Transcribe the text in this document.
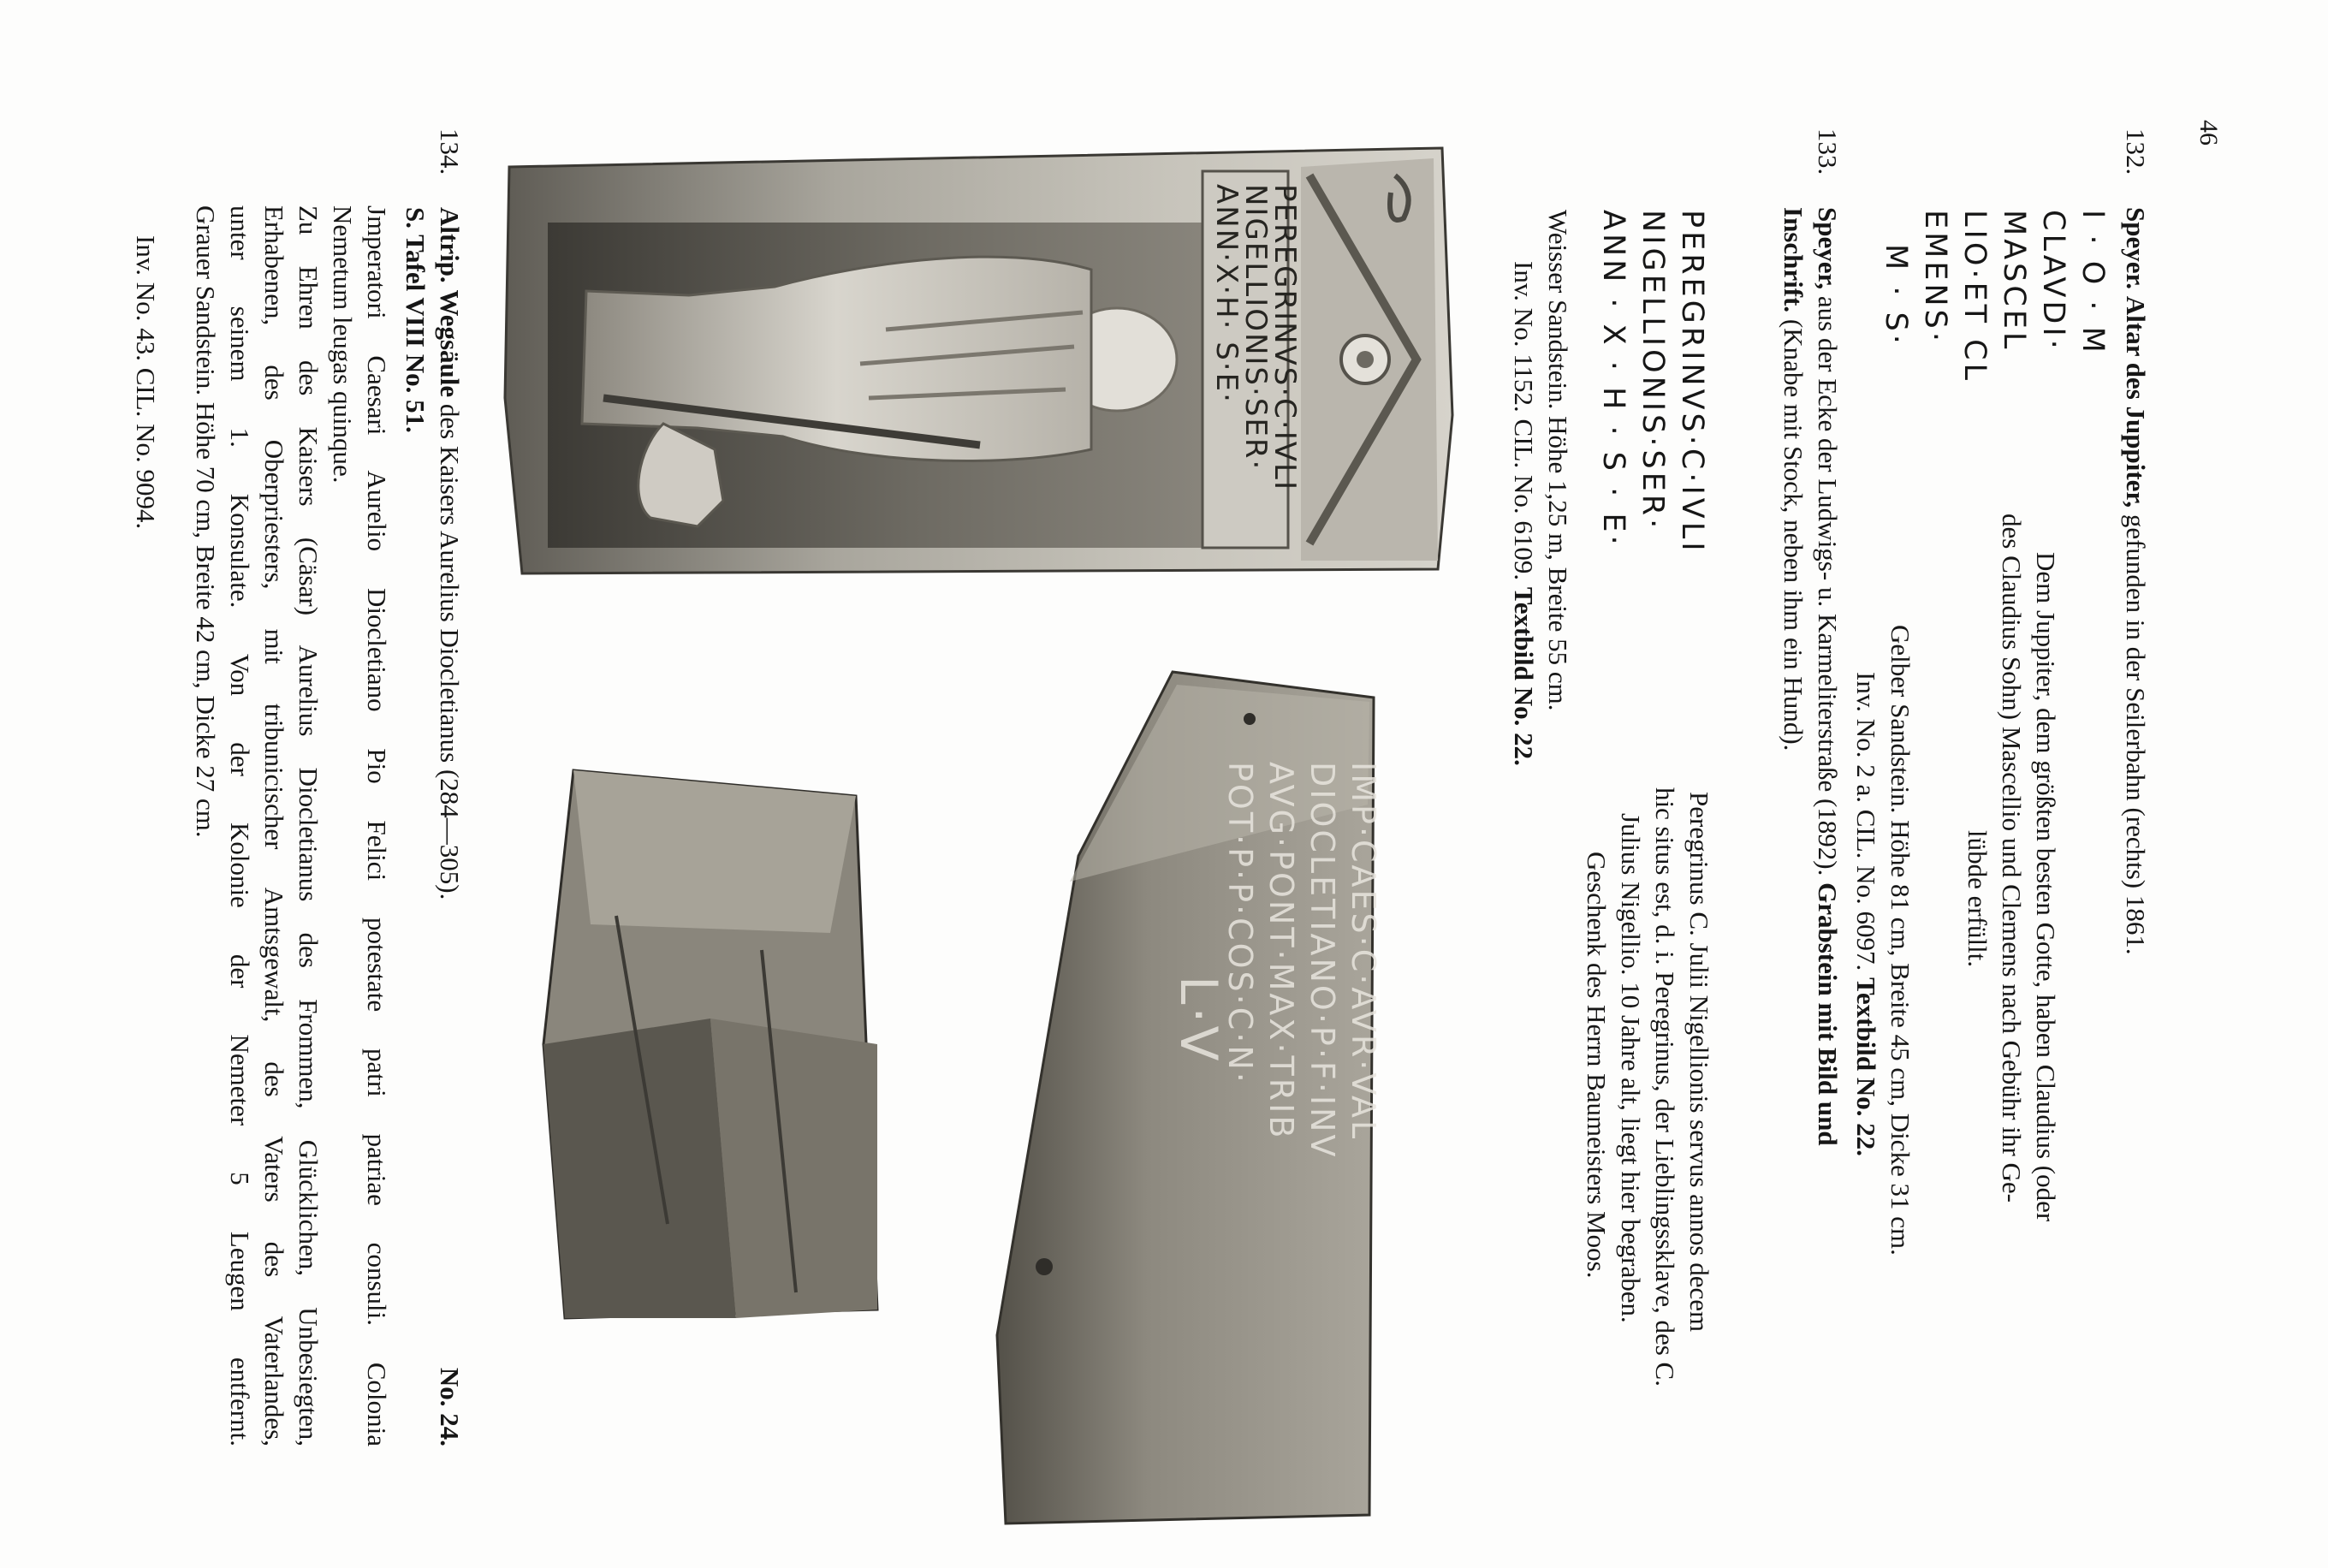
46
132.Speyer. Altar des Juppiter, gefunden in der Seilerbahn (rechts) 1861.
I · O · M
CLAVDI·
MASCEL
LIO·ET CL
EMENS·
M · S·
Dem Juppiter, dem größten besten Gotte, haben Claudius (oder
des Claudius Sohn) Mascellio und Clemens nach Gebühr ihr Ge-
lübde erfüllt.
Gelber Sandstein. Höhe 81 cm, Breite 45 cm, Dicke 31 cm.
Inv. No. 2 a. CIL. No. 6097. Textbild No. 22.
133.Speyer, aus der Ecke der Ludwigs- u. Karmeliterstraße (1892). Grabstein mit Bild und
Inschrift. (Knabe mit Stock, neben ihm ein Hund).
PEREGRINVS·C·IVLI
NIGELLIONIS·SER·
ANN · X · H · S · E·
Peregrinus C. Julii Nigellionis servus annos decem
hic situs est, d. i. Peregrinus, der Lieblingssklave, des C.
Julius Nigellio. 10 Jahre alt, liegt hier begraben.
Geschenk des Herrn Baumeisters Moos.
Weisser Sandstein. Höhe 1,25 m, Breite 55 cm.
Inv. No. 1152. CIL. No. 6109. Textbild No. 22.
PEREGRINVS·C·IVLI
NIGELLIONIS·SER·
ANN·X·H· S·E·
IMP·CAES·C·AVR·VAL
DIOCLETIANO·P·F·INV
AVG·PONT·MAX·TRIB
POT·P·P·COS·C·N·
L·V
134.Altrip. Wegsäule des Kaisers Aurelius Diocletianus (284—305).
No. 24.
S. Tafel VIII No. 51.
Jmperatori Caesari Aurelio Diocletiano Pio Felici potestate patri patriae consuli. Colonia
Nemetum leugas quinque.
Zu Ehren des Kaisers (Cäsar) Aurelius Diocletianus des Frommen, Glücklichen, Unbesiegten,
Erhabenen, des Oberpriesters, mit tribunicischer Amtsgewalt, des Vaters des Vaterlandes,
unter seinem 1. Konsulate. Von der Kolonie der Nemeter 5 Leugen entfernt.
Grauer Sandstein. Höhe 70 cm, Breite 42 cm, Dicke 27 cm.
Inv. No. 43. CIL. No. 9094.
